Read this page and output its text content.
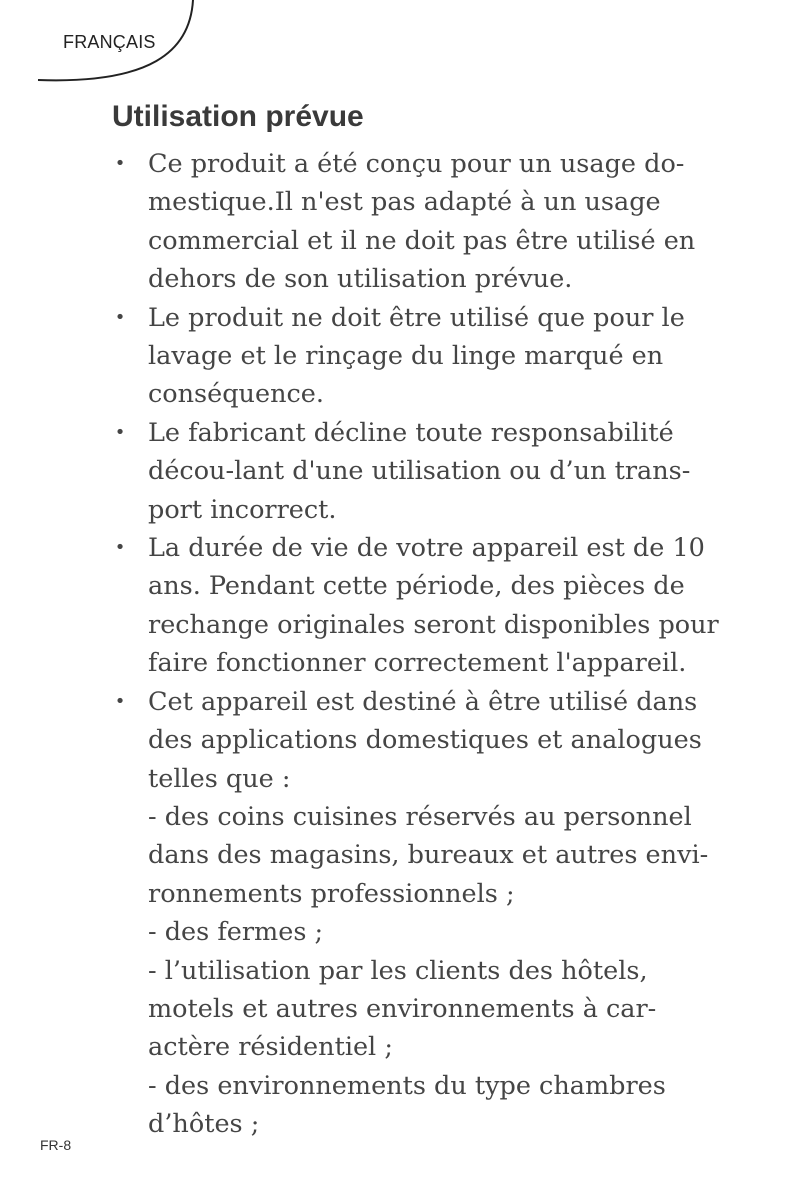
FRANÇAIS
Utilisation prévue
• Ce produit a été conçu pour un usage do-
mestique.Il n'est pas adapté à un usage
commercial et il ne doit pas être utilisé en
dehors de son utilisation prévue.
• Le produit ne doit être utilisé que pour le
lavage et le rinçage du linge marqué en
conséquence.
• Le fabricant décline toute responsabilité
décou-lant d'une utilisation ou d’un trans-
port incorrect.
• La durée de vie de votre appareil est de 10
ans. Pendant cette période, des pièces de
rechange originales seront disponibles pour
faire fonctionner correctement l'appareil.
• Cet appareil est destiné à être utilisé dans
des applications domestiques et analogues
telles que :
- des coins cuisines réservés au personnel
dans des magasins, bureaux et autres envi-
ronnements professionnels ;
- des fermes ;
- l’utilisation par les clients des hôtels,
motels et autres environnements à car-
actère résidentiel ;
- des environnements du type chambres
d’hôtes ;
FR-8
